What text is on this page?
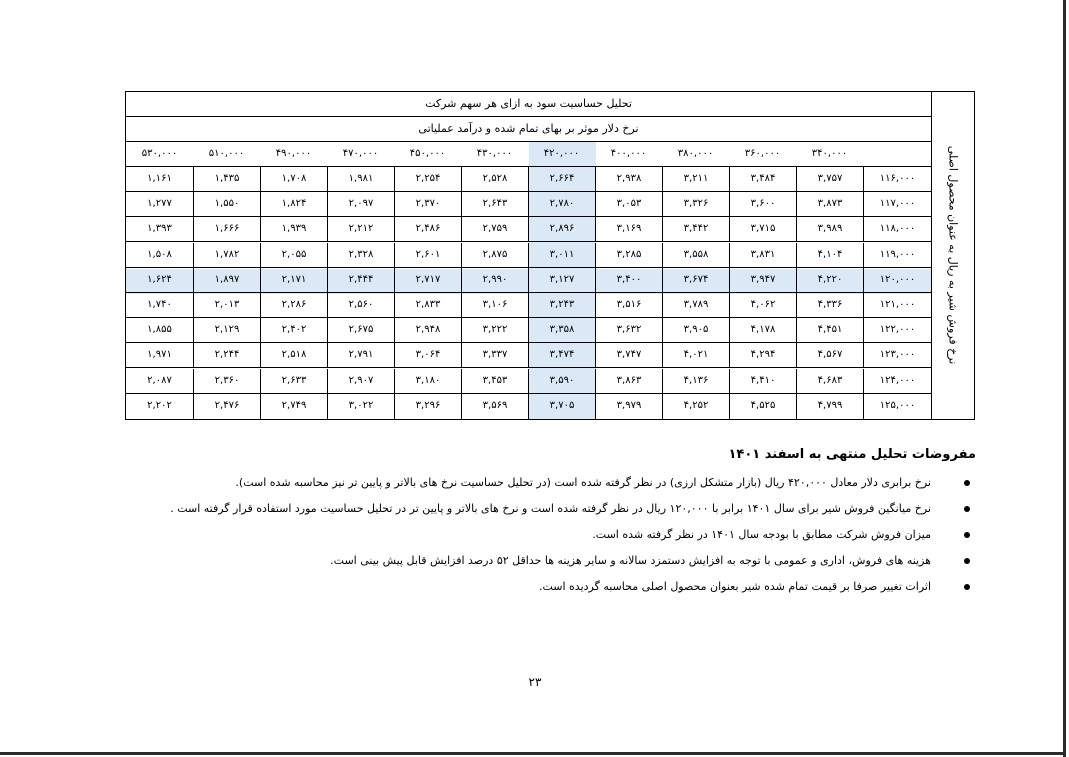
تحلیل حساسیت سود به ازای هر سهم شرکت
نرخ دلار موثر بر بهای تمام شده و درآمد عملیاتی
۵۳۰,۰۰۰	۵۱۰,۰۰۰	۴۹۰,۰۰۰	۴۷۰,۰۰۰	۴۵۰,۰۰۰	۴۳۰,۰۰۰	۴۲۰,۰۰۰	۴۰۰,۰۰۰	۳۸۰,۰۰۰	۳۶۰,۰۰۰	۳۴۰,۰۰۰
۱,۱۶۱	۱,۴۳۵	۱,۷۰۸	۱,۹۸۱	۲,۲۵۴	۲,۵۲۸	۲,۶۶۴	۲,۹۳۸	۳,۲۱۱	۳,۴۸۴	۳,۷۵۷	۱۱۶,۰۰۰
۱,۲۷۷	۱,۵۵۰	۱,۸۲۴	۲,۰۹۷	۲,۳۷۰	۲,۶۴۳	۲,۷۸۰	۳,۰۵۳	۳,۳۲۶	۳,۶۰۰	۳,۸۷۳	۱۱۷,۰۰۰
۱,۳۹۳	۱,۶۶۶	۱,۹۳۹	۲,۲۱۲	۲,۴۸۶	۲,۷۵۹	۲,۸۹۶	۳,۱۶۹	۳,۴۴۲	۳,۷۱۵	۳,۹۸۹	۱۱۸,۰۰۰
۱,۵۰۸	۱,۷۸۲	۲,۰۵۵	۲,۳۲۸	۲,۶۰۱	۲,۸۷۵	۳,۰۱۱	۳,۲۸۵	۳,۵۵۸	۳,۸۳۱	۴,۱۰۴	۱۱۹,۰۰۰
۱,۶۲۴	۱,۸۹۷	۲,۱۷۱	۲,۴۴۴	۲,۷۱۷	۲,۹۹۰	۳,۱۲۷	۳,۴۰۰	۳,۶۷۴	۳,۹۴۷	۴,۲۲۰	۱۲۰,۰۰۰
۱,۷۴۰	۲,۰۱۳	۲,۲۸۶	۲,۵۶۰	۲,۸۳۳	۳,۱۰۶	۳,۲۴۳	۳,۵۱۶	۳,۷۸۹	۴,۰۶۲	۴,۳۳۶	۱۲۱,۰۰۰
۱,۸۵۵	۲,۱۲۹	۲,۴۰۲	۲,۶۷۵	۲,۹۴۸	۳,۲۲۲	۳,۳۵۸	۳,۶۳۲	۳,۹۰۵	۴,۱۷۸	۴,۴۵۱	۱۲۲,۰۰۰
۱,۹۷۱	۲,۲۴۴	۲,۵۱۸	۲,۷۹۱	۳,۰۶۴	۳,۳۳۷	۳,۴۷۴	۳,۷۴۷	۴,۰۲۱	۴,۲۹۴	۴,۵۶۷	۱۲۳,۰۰۰
۲,۰۸۷	۲,۳۶۰	۲,۶۳۳	۲,۹۰۷	۳,۱۸۰	۳,۴۵۳	۳,۵۹۰	۳,۸۶۳	۴,۱۳۶	۴,۴۱۰	۴,۶۸۳	۱۲۴,۰۰۰
۲,۲۰۲	۲,۴۷۶	۲,۷۴۹	۳,۰۲۲	۳,۲۹۶	۳,۵۶۹	۳,۷۰۵	۳,۹۷۹	۴,۲۵۲	۴,۵۲۵	۴,۷۹۹	۱۲۵,۰۰۰
نرخ فروش شیر به ریال به عنوان محصول اصلی
مفروضات تحلیل منتهی به اسفند ۱۴۰۱
نرخ برابری دلار معادل ۴۲۰,۰۰۰ ریال (بازار متشکل ارزی) در نظر گرفته شده است (در تحلیل حساسیت نرخ های بالاتر و پایین تر نیز محاسبه شده است).
نرخ میانگین فروش شیر برای سال ۱۴۰۱ برابر با ۱۲۰,۰۰۰ ریال در نظر گرفته شده است و نرخ های بالاتر و پایین تر در تحلیل حساسیت مورد استفاده قرار گرفته است .
میزان فروش شرکت مطابق با بودجه سال ۱۴۰۱ در نظر گرفته شده است.
هزینه های فروش، اداری و عمومی با توجه به افزایش دستمزد سالانه و سایر هزینه ها حداقل ۵۲ درصد افزایش قابل پیش بینی است.
اثرات تغییر صرفا بر قیمت تمام شده شیر بعنوان محصول اصلی محاسبه گردیده است.
۲۳
